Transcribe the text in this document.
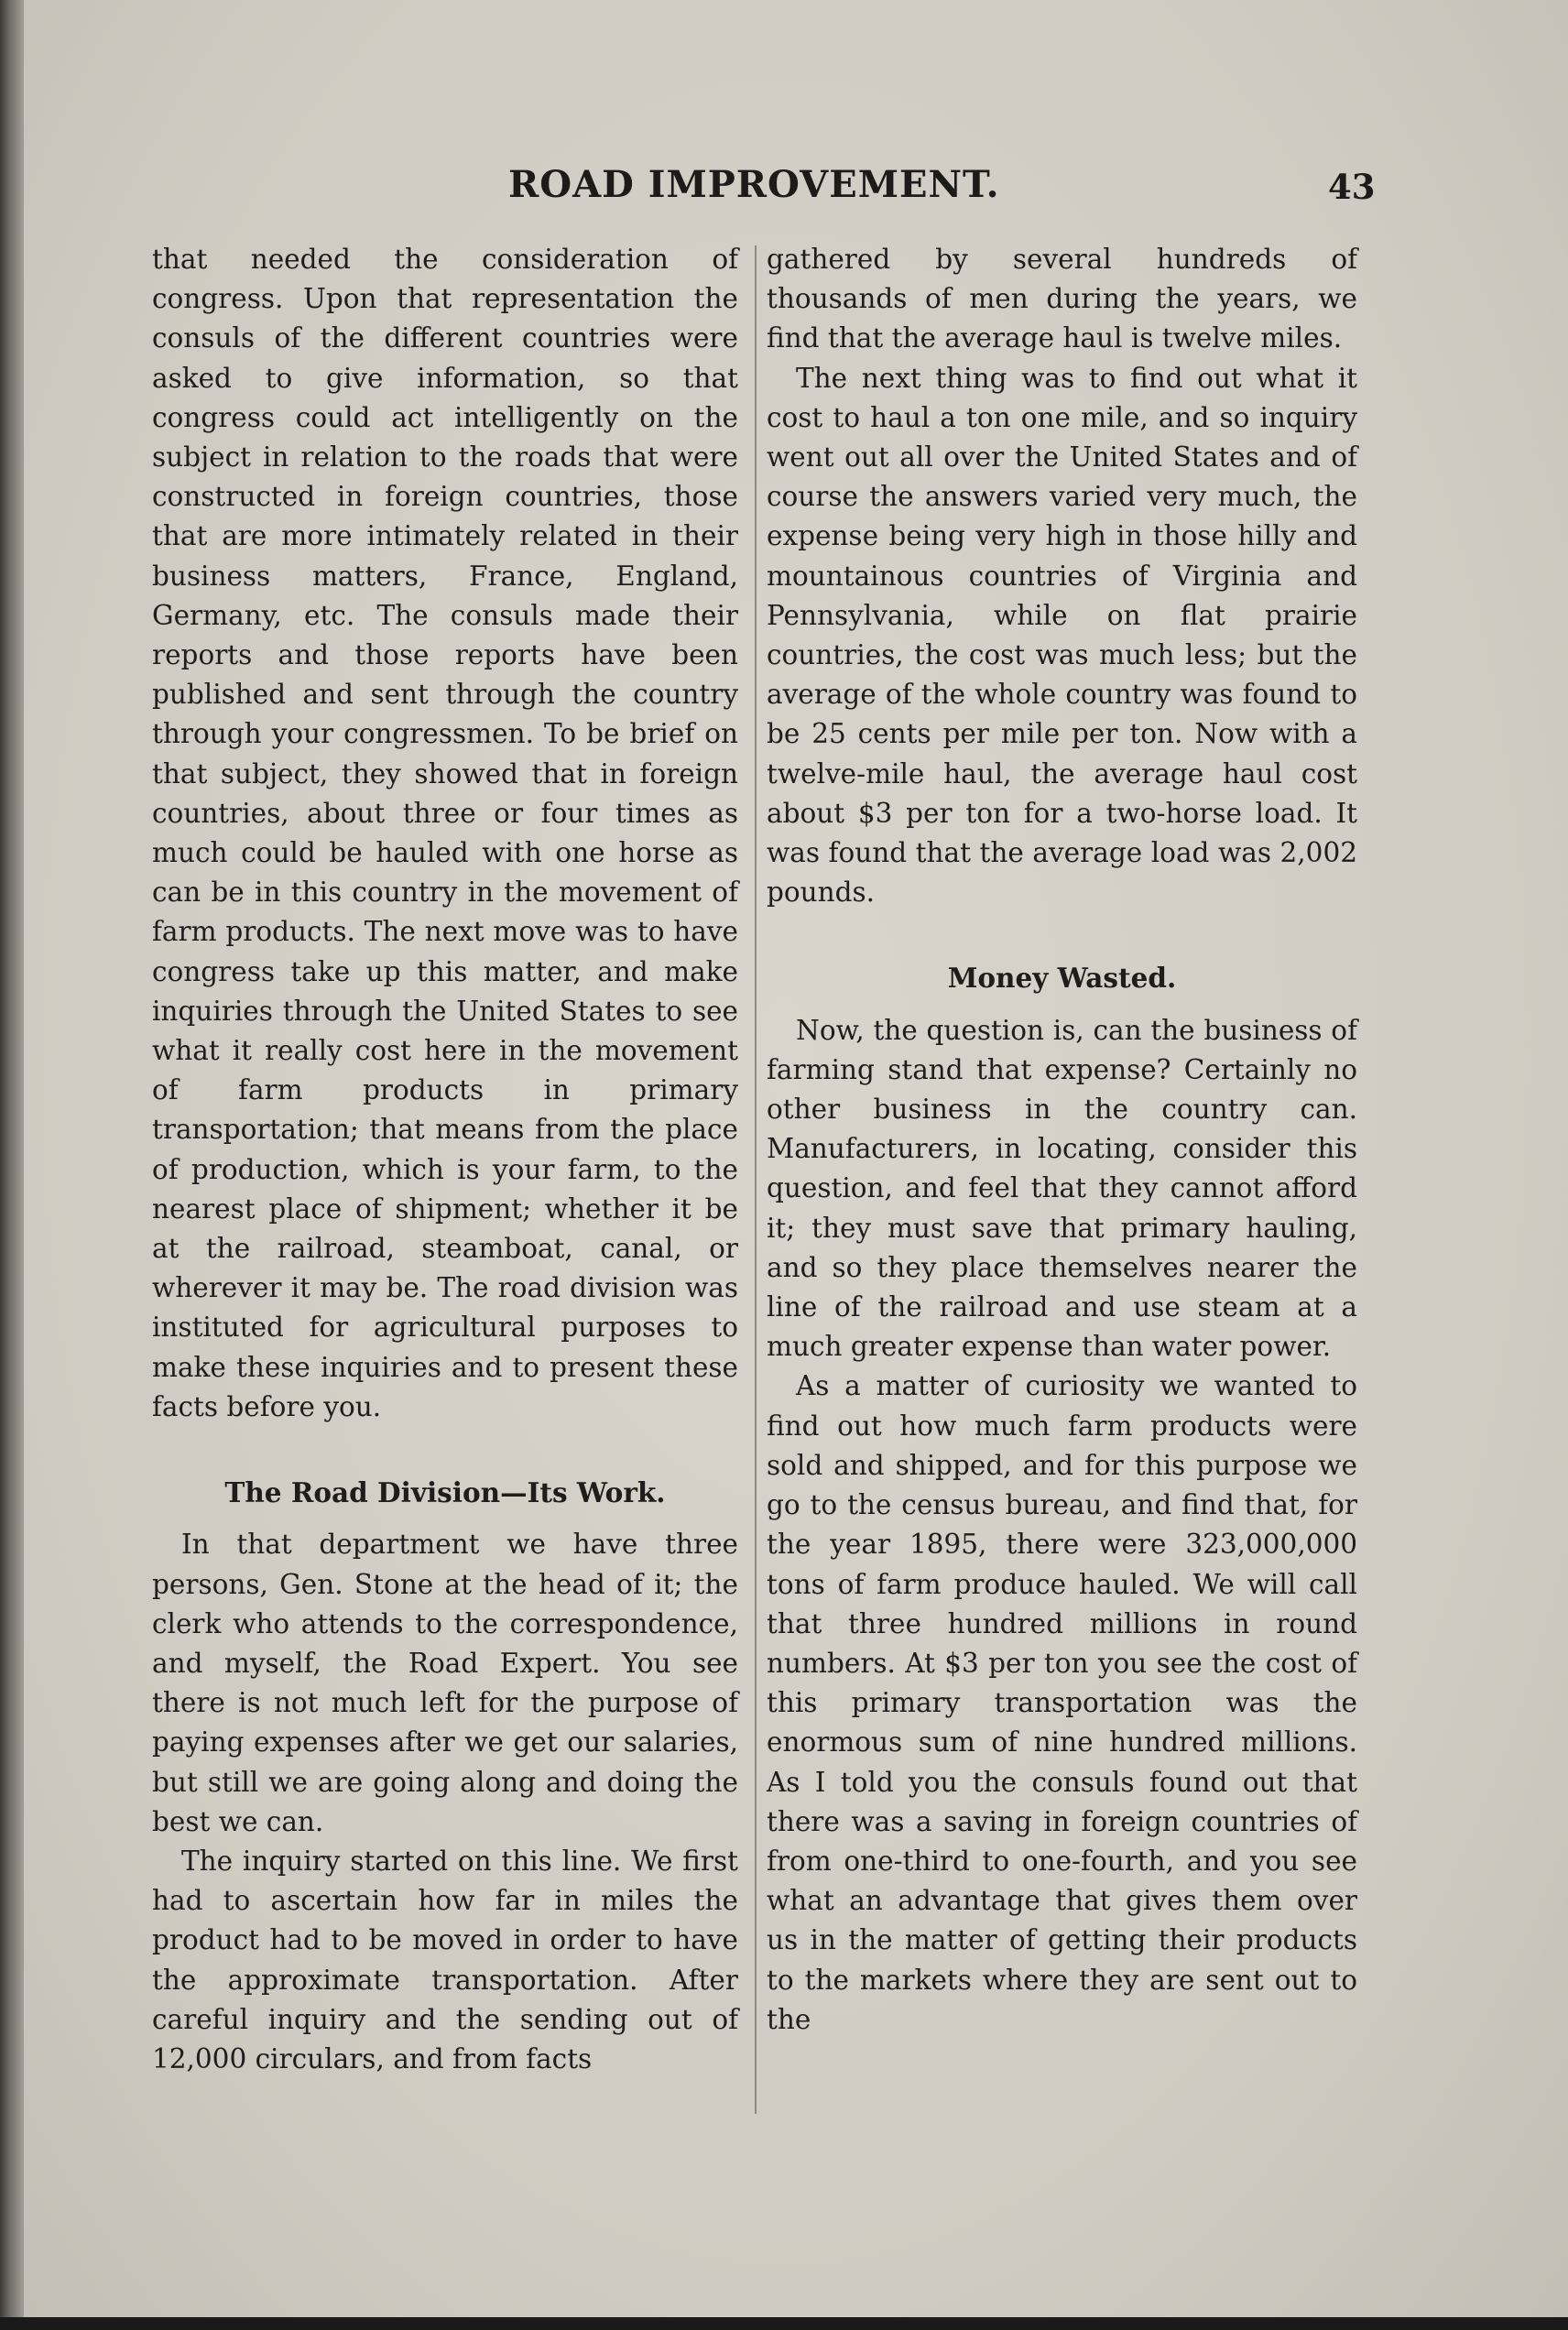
ROAD IMPROVEMENT.	43

that needed the consideration of congress. Upon that representation the consuls of the different countries were asked to give information, so that congress could act intelligently on the subject in relation to the roads that were constructed in foreign countries, those that are more intimately related in their business matters, France, England, Germany, etc. The consuls made their reports and those reports have been published and sent through the country through your congressmen. To be brief on that subject, they showed that in foreign countries, about three or four times as much could be hauled with one horse as can be in this country in the movement of farm products. The next move was to have congress take up this matter, and make inquiries through the United States to see what it really cost here in the movement of farm products in primary transportation; that means from the place of production, which is your farm, to the nearest place of shipment; whether it be at the railroad, steamboat, canal, or wherever it may be. The road division was instituted for agricultural purposes to make these inquiries and to present these facts before you.

The Road Division—Its Work.

In that department we have three persons, Gen. Stone at the head of it; the clerk who attends to the correspondence, and myself, the Road Expert. You see there is not much left for the purpose of paying expenses after we get our salaries, but still we are going along and doing the best we can.

The inquiry started on this line. We first had to ascertain how far in miles the product had to be moved in order to have the approximate transportation. After careful inquiry and the sending out of 12,000 circulars, and from facts

gathered by several hundreds of thousands of men during the years, we find that the average haul is twelve miles.

The next thing was to find out what it cost to haul a ton one mile, and so inquiry went out all over the United States and of course the answers varied very much, the expense being very high in those hilly and mountainous countries of Virginia and Pennsylvania, while on flat prairie countries, the cost was much less; but the average of the whole country was found to be 25 cents per mile per ton. Now with a twelve-mile haul, the average haul cost about $3 per ton for a two-horse load. It was found that the average load was 2,002 pounds.

Money Wasted.

Now, the question is, can the business of farming stand that expense? Certainly no other business in the country can. Manufacturers, in locating, consider this question, and feel that they cannot afford it; they must save that primary hauling, and so they place themselves nearer the line of the railroad and use steam at a much greater expense than water power.

As a matter of curiosity we wanted to find out how much farm products were sold and shipped, and for this purpose we go to the census bureau, and find that, for the year 1895, there were 323,000,000 tons of farm produce hauled. We will call that three hundred millions in round numbers. At $3 per ton you see the cost of this primary transportation was the enormous sum of nine hundred millions. As I told you the consuls found out that there was a saving in foreign countries of from one-third to one-fourth, and you see what an advantage that gives them over us in the matter of getting their products to the markets where they are sent out to the
